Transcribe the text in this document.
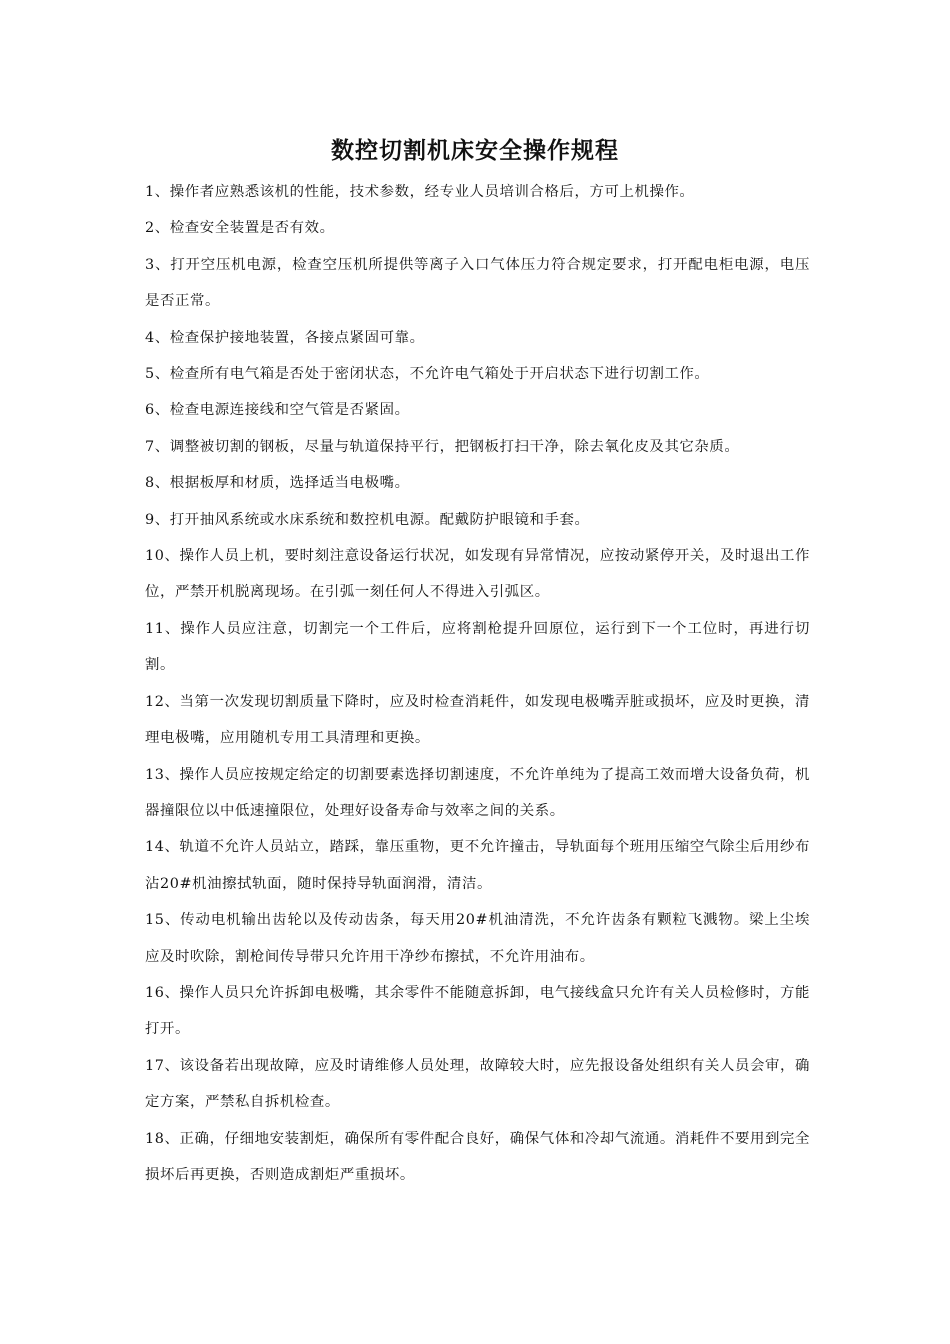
数控切割机床安全操作规程

1、操作者应熟悉该机的性能，技术参数，经专业人员培训合格后，方可上机操作。

2、检查安全装置是否有效。

3、打开空压机电源，检查空压机所提供等离子入口气体压力符合规定要求，打开配电柜电源，电压是否正常。

4、检查保护接地装置，各接点紧固可靠。

5、检查所有电气箱是否处于密闭状态，不允许电气箱处于开启状态下进行切割工作。

6、检查电源连接线和空气管是否紧固。

7、调整被切割的钢板，尽量与轨道保持平行，把钢板打扫干净，除去氧化皮及其它杂质。

8、根据板厚和材质，选择适当电极嘴。

9、打开抽风系统或水床系统和数控机电源。配戴防护眼镜和手套。

10、操作人员上机，要时刻注意设备运行状况，如发现有异常情况，应按动紧停开关，及时退出工作位，严禁开机脱离现场。在引弧一刻任何人不得进入引弧区。

11、操作人员应注意，切割完一个工件后，应将割枪提升回原位，运行到下一个工位时，再进行切割。

12、当第一次发现切割质量下降时，应及时检查消耗件，如发现电极嘴弄脏或损坏，应及时更换，清理电极嘴，应用随机专用工具清理和更换。

13、操作人员应按规定给定的切割要素选择切割速度，不允许单纯为了提高工效而增大设备负荷，机器撞限位以中低速撞限位，处理好设备寿命与效率之间的关系。

14、轨道不允许人员站立，踏踩，靠压重物，更不允许撞击，导轨面每个班用压缩空气除尘后用纱布沾20#机油擦拭轨面，随时保持导轨面润滑，清洁。

15、传动电机输出齿轮以及传动齿条，每天用20#机油清洗，不允许齿条有颗粒飞溅物。梁上尘埃应及时吹除，割枪间传导带只允许用干净纱布擦拭，不允许用油布。

16、操作人员只允许拆卸电极嘴，其余零件不能随意拆卸，电气接线盒只允许有关人员检修时，方能打开。

17、该设备若出现故障，应及时请维修人员处理，故障较大时，应先报设备处组织有关人员会审，确定方案，严禁私自拆机检查。

18、正确，仔细地安装割炬，确保所有零件配合良好，确保气体和冷却气流通。消耗件不要用到完全损坏后再更换，否则造成割炬严重损坏。
